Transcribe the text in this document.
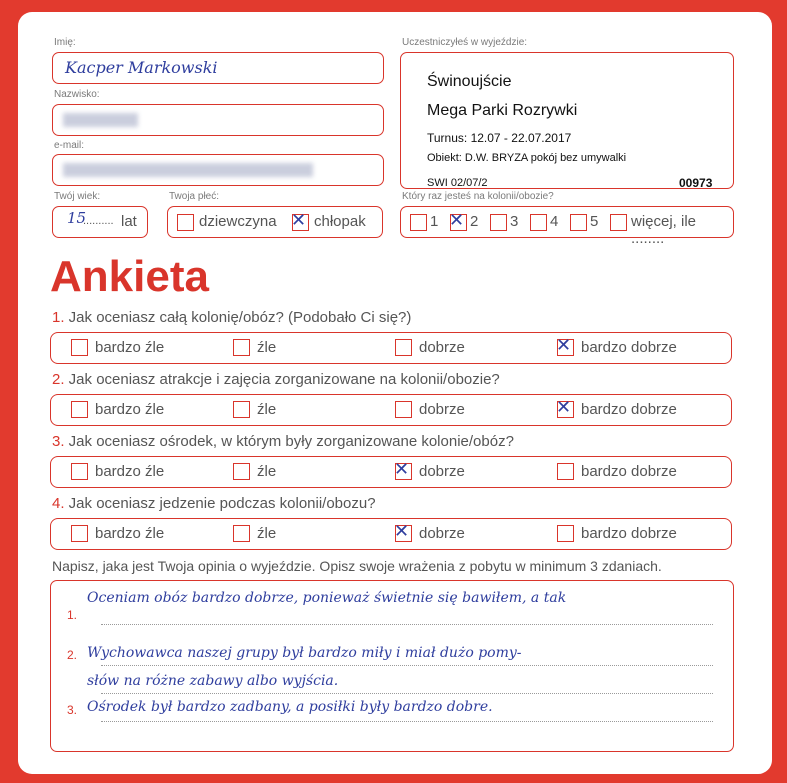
Imię:
Kacper Markowski
Nazwisko:
e-mail:
Twój wiek:
15
.......... lat
Twoja płeć:
dziewczyna ✕ chłopak
Uczestniczyłeś w wyjeździe:
Świnoujście
Mega Parki Rozrywki
Turnus: 12.07 - 22.07.2017
Obiekt: D.W. BRYZA pokój bez umywalki
SWI 02/07/2	00973
Który raz jesteś na kolonii/obozie?
1 ✕ 2 3 4 5 więcej, ile ........
Ankieta
1. Jak oceniasz całą kolonię/obóz? (Podobało Ci się?)
bardzo źle	źle	dobrze	✕ bardzo dobrze
2. Jak oceniasz atrakcje i zajęcia zorganizowane na kolonii/obozie?
bardzo źle	źle	dobrze	✕ bardzo dobrze
3. Jak oceniasz ośrodek, w którym były zorganizowane kolonie/obóz?
bardzo źle	źle	✕ dobrze	bardzo dobrze
4. Jak oceniasz jedzenie podczas kolonii/obozu?
bardzo źle	źle	✕ dobrze	bardzo dobrze
Napisz, jaka jest Twoja opinia o wyjeździe. Opisz swoje wrażenia z pobytu w minimum 3 zdaniach.
1.
Oceniam obóz bardzo dobrze, ponieważ świetnie się bawiłem, a tak
2. Wychowawca naszej grupy był bardzo miły i miał dużo pomy-
słów na różne zabawy albo wyjścia.
3. Ośrodek był bardzo zadbany, a posiłki były bardzo dobre.
